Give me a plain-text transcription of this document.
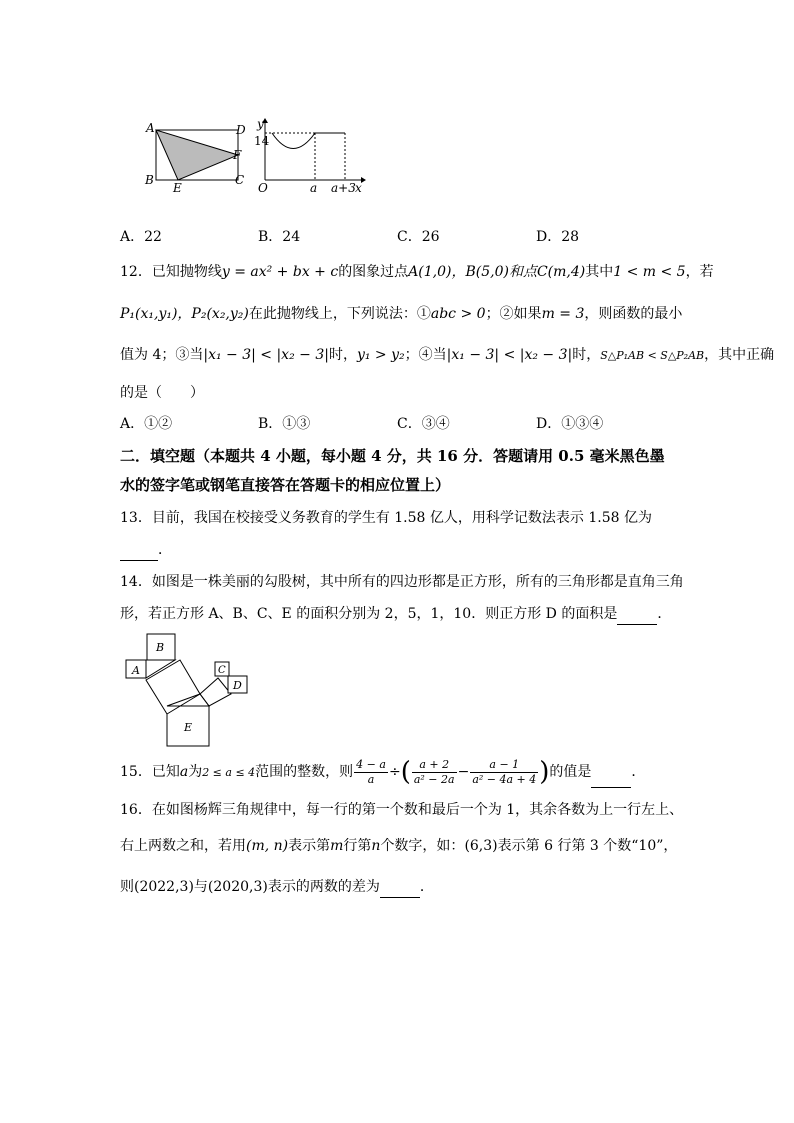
A
B	C
D
E
F
y
14
O	a a+3 x
A．22	B．24	C．26	D．28
12．已知抛物线y = ax² + bx + c的图象过点A(1,0)，B(5,0)和点C(m,4)其中1 < m < 5，若
P₁(x₁,y₁)，P₂(x₂,y₂)在此抛物线上，下列说法：①abc > 0；②如果m = 3，则函数的最小
值为 4；③当|x₁ − 3| < |x₂ − 3|时，y₁ > y₂；④当|x₁ − 3| < |x₂ − 3|时，S△P₁AB < S△P₂AB，其中正确
的是（　　）
A．①②	B．①③	C．③④	D．①③④
二．填空题（本题共 4 小题，每小题 4 分，共 16 分．答题请用 0.5 毫米黑色墨
水的签字笔或钢笔直接答在答题卡的相应位置上）
13．目前，我国在校接受义务教育的学生有 1.58 亿人，用科学记数法表示 1.58 亿为
．
14．如图是一株美丽的勾股树，其中所有的四边形都是正方形，所有的三角形都是直角三角
形，若正方形 A、B、C、E 的面积分别为 2，5，1，10．则正方形 D 的面积是	．
A
B
C
D
E
15．已知a为2 ≤ a ≤ 4范围的整数，则 $\frac{4 - a}{a}$ ÷( $\frac{a + 2}{\text{a² − 2a}} - \frac{a - 1}{\text{a² − 4a + 4}}$ )的值是	．
16．在如图杨辉三角规律中，每一行的第一个数和最后一个为 1，其余各数为上一行左上、
右上两数之和，若用(m, n)表示第m行第n个数字，如：(6,3)表示第 6 行第 3 个数“10”，
则(2022,3)与(2020,3)表示的两数的差为	．
